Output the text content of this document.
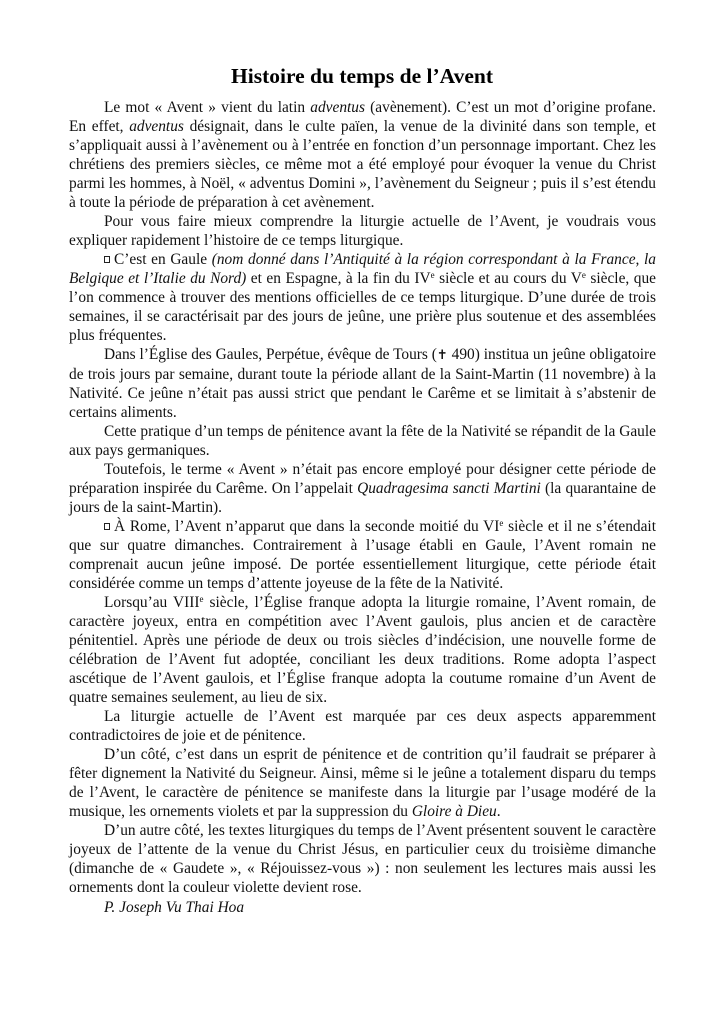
Histoire du temps de l’Avent

Le mot « Avent » vient du latin adventus (avènement). C’est un mot d’origine profane. En effet, adventus désignait, dans le culte païen, la venue de la divinité dans son temple, et s’appliquait aussi à l’avènement ou à l’entrée en fonction d’un personnage important. Chez les chrétiens des premiers siècles, ce même mot a été employé pour évoquer la venue du Christ parmi les hommes, à Noël, « adventus Domini », l’avènement du Seigneur ; puis il s’est étendu à toute la période de préparation à cet avènement.

Pour vous faire mieux comprendre la liturgie actuelle de l’Avent, je voudrais vous expliquer rapidement l’histoire de ce temps liturgique.

C’est en Gaule (nom donné dans l’Antiquité à la région correspondant à la France, la Belgique et l’Italie du Nord) et en Espagne, à la fin du IVe siècle et au cours du Ve siècle, que l’on commence à trouver des mentions officielles de ce temps liturgique. D’une durée de trois semaines, il se caractérisait par des jours de jeûne, une prière plus soutenue et des assemblées plus fréquentes.

Dans l’Église des Gaules, Perpétue, évêque de Tours (✝ 490) institua un jeûne obligatoire de trois jours par semaine, durant toute la période allant de la Saint-Martin (11 novembre) à la Nativité. Ce jeûne n’était pas aussi strict que pendant le Carême et se limitait à s’abstenir de certains aliments.

Cette pratique d’un temps de pénitence avant la fête de la Nativité se répandit de la Gaule aux pays germaniques.

Toutefois, le terme « Avent » n’était pas encore employé pour désigner cette période de préparation inspirée du Carême. On l’appelait Quadragesima sancti Martini (la quarantaine de jours de la saint-Martin).

À Rome, l’Avent n’apparut que dans la seconde moitié du VIe siècle et il ne s’étendait que sur quatre dimanches. Contrairement à l’usage établi en Gaule, l’Avent romain ne comprenait aucun jeûne imposé. De portée essentiellement liturgique, cette période était considérée comme un temps d’attente joyeuse de la fête de la Nativité.

Lorsqu’au VIIIe siècle, l’Église franque adopta la liturgie romaine, l’Avent romain, de caractère joyeux, entra en compétition avec l’Avent gaulois, plus ancien et de caractère pénitentiel. Après une période de deux ou trois siècles d’indécision, une nouvelle forme de célébration de l’Avent fut adoptée, conciliant les deux traditions. Rome adopta l’aspect ascétique de l’Avent gaulois, et l’Église franque adopta la coutume romaine d’un Avent de quatre semaines seulement, au lieu de six.

La liturgie actuelle de l’Avent est marquée par ces deux aspects apparemment contradictoires de joie et de pénitence.

D’un côté, c’est dans un esprit de pénitence et de contrition qu’il faudrait se préparer à fêter dignement la Nativité du Seigneur. Ainsi, même si le jeûne a totalement disparu du temps de l’Avent, le caractère de pénitence se manifeste dans la liturgie par l’usage modéré de la musique, les ornements violets et par la suppression du Gloire à Dieu.

D’un autre côté, les textes liturgiques du temps de l’Avent présentent souvent le caractère joyeux de l’attente de la venue du Christ Jésus, en particulier ceux du troisième dimanche (dimanche de « Gaudete », « Réjouissez-vous ») : non seulement les lectures mais aussi les ornements dont la couleur violette devient rose.

P. Joseph Vu Thai Hoa
